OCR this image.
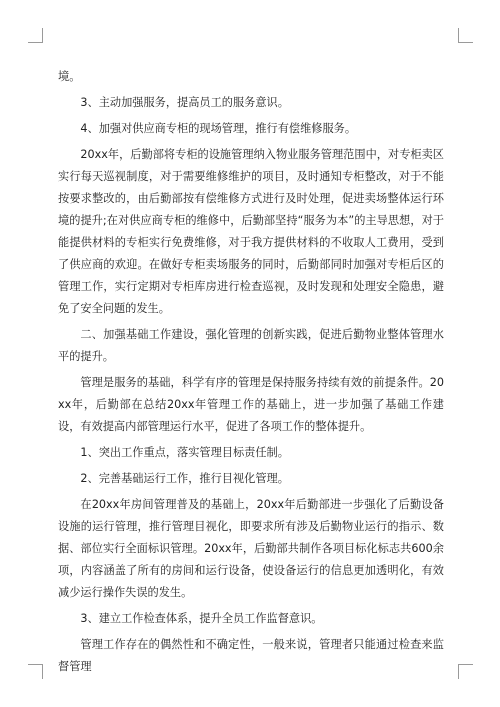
境。

3、主动加强服务，提高员工的服务意识。

4、加强对供应商专柜的现场管理，推行有偿维修服务。

20xx年，后勤部将专柜的设施管理纳入物业服务管理范围中，对专柜卖区实行每天巡视制度，对于需要维修维护的项目，及时通知专柜整改，对于不能按要求整改的，由后勤部按有偿维修方式进行及时处理，促进卖场整体运行环境的提升;在对供应商专柜的维修中，后勤部坚持“服务为本”的主导思想，对于能提供材料的专柜实行免费维修，对于我方提供材料的不收取人工费用，受到了供应商的欢迎。在做好专柜卖场服务的同时，后勤部同时加强对专柜后区的管理工作，实行定期对专柜库房进行检查巡视，及时发现和处理安全隐患，避免了安全问题的发生。

二、加强基础工作建设，强化管理的创新实践，促进后勤物业整体管理水平的提升。

管理是服务的基础，科学有序的管理是保持服务持续有效的前提条件。20xx年，后勤部在总结20xx年管理工作的基础上，进一步加强了基础工作建设，有效提高内部管理运行水平，促进了各项工作的整体提升。

1、突出工作重点，落实管理目标责任制。

2、完善基础运行工作，推行目视化管理。

在20xx年房间管理普及的基础上，20xx年后勤部进一步强化了后勤设备设施的运行管理，推行管理目视化，即要求所有涉及后勤物业运行的指示、数据、部位实行全面标识管理。20xx年，后勤部共制作各项目标化标志共600余项，内容涵盖了所有的房间和运行设备，使设备运行的信息更加透明化，有效减少运行操作失误的发生。

3、建立工作检查体系，提升全员工作监督意识。

管理工作存在的偶然性和不确定性，一般来说，管理者只能通过检查来监督管理
